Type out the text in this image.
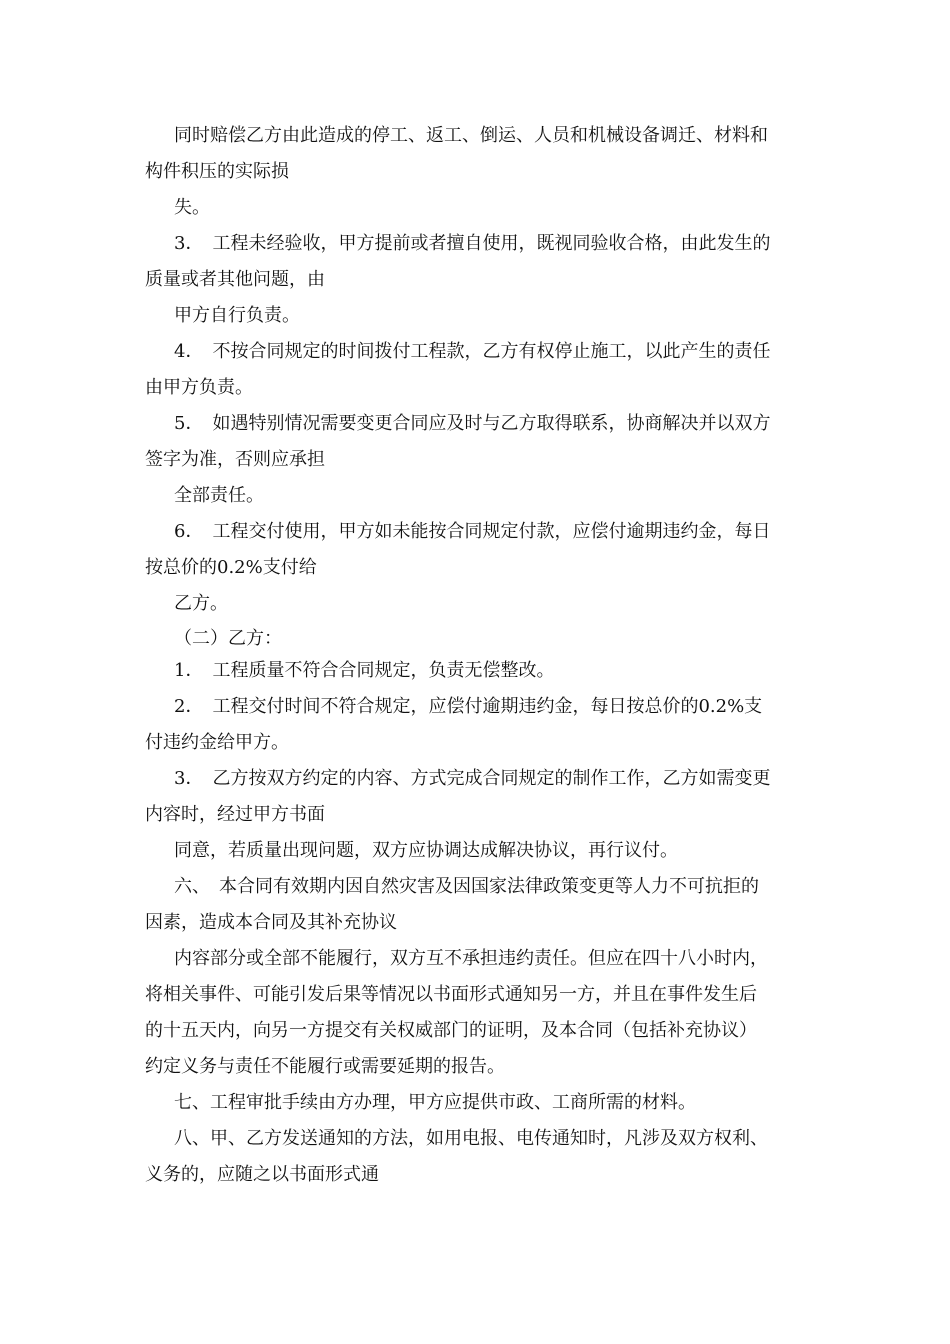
同时赔偿乙方由此造成的停工、返工、倒运、人员和机械设备调迁、材料和
构件积压的实际损
失。
3．　工程未经验收，甲方提前或者擅自使用，既视同验收合格，由此发生的
质量或者其他问题，由
甲方自行负责。
4．　不按合同规定的时间拨付工程款，乙方有权停止施工，以此产生的责任
由甲方负责。
5．　如遇特别情况需要变更合同应及时与乙方取得联系，协商解决并以双方
签字为准，否则应承担
全部责任。
6．　工程交付使用，甲方如未能按合同规定付款，应偿付逾期违约金，每日
按总价的0.2%支付给
乙方。
（二）乙方：
1．　工程质量不符合合同规定，负责无偿整改。
2．　工程交付时间不符合规定，应偿付逾期违约金，每日按总价的0.2%支
付违约金给甲方。
3．　乙方按双方约定的内容、方式完成合同规定的制作工作，乙方如需变更
内容时，经过甲方书面
同意，若质量出现问题，双方应协调达成解决协议，再行议付。
六、　本合同有效期内因自然灾害及因国家法律政策变更等人力不可抗拒的
因素，造成本合同及其补充协议
内容部分或全部不能履行，双方互不承担违约责任。但应在四十八小时内，
将相关事件、可能引发后果等情况以书面形式通知另一方，并且在事件发生后
的十五天内，向另一方提交有关权威部门的证明，及本合同（包括补充协议）
约定义务与责任不能履行或需要延期的报告。
七、工程审批手续由方办理，甲方应提供市政、工商所需的材料。
八、甲、乙方发送通知的方法，如用电报、电传通知时，凡涉及双方权利、
义务的，应随之以书面形式通
